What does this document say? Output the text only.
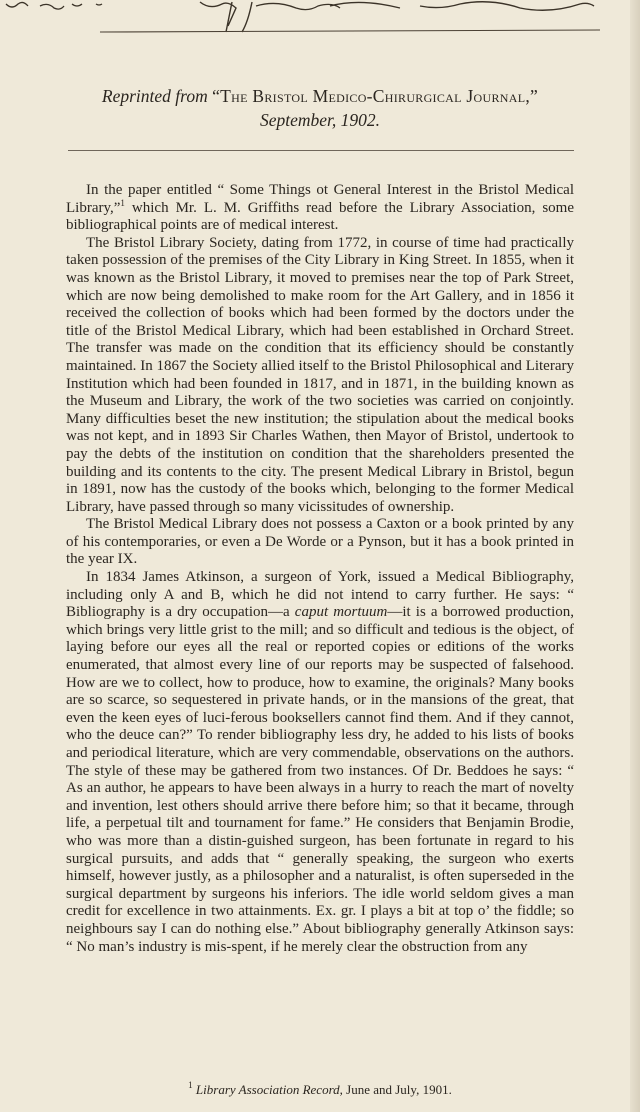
Reprinted from “The Bristol Medico-Chirurgical Journal,”
September, 1902.

In the paper entitled “ Some Things ot General Interest in the Bristol Medical Library,”$^1$ which Mr. L. M. Griffiths read before the Library Association, some bibliographical points are of medical interest.

The Bristol Library Society, dating from 1772, in course of time had practically taken possession of the premises of the City Library in King Street. In 1855, when it was known as the Bristol Library, it moved to premises near the top of Park Street, which are now being demolished to make room for the Art Gallery, and in 1856 it received the collection of books which had been formed by the doctors under the title of the Bristol Medical Library, which had been established in Orchard Street. The transfer was made on the condition that its efficiency should be constantly maintained. In 1867 the Society allied itself to the Bristol Philosophical and Literary Institution which had been founded in 1817, and in 1871, in the building known as the Museum and Library, the work of the two societies was carried on conjointly. Many difficulties beset the new institution; the stipulation about the medical books was not kept, and in 1893 Sir Charles Wathen, then Mayor of Bristol, undertook to pay the debts of the institution on condition that the shareholders presented the building and its contents to the city. The present Medical Library in Bristol, begun in 1891, now has the custody of the books which, belonging to the former Medical Library, have passed through so many vicissitudes of ownership.

The Bristol Medical Library does not possess a Caxton or a book printed by any of his contemporaries, or even a De Worde or a Pynson, but it has a book printed in the year IX.

In 1834 James Atkinson, a surgeon of York, issued a Medical Bibliography, including only A and B, which he did not intend to carry further. He says: “ Bibliography is a dry occupation—a caput mortuum—it is a borrowed production, which brings very little grist to the mill; and so difficult and tedious is the object, of laying before our eyes all the real or reported copies or editions of the works enumerated, that almost every line of our reports may be suspected of falsehood. How are we to collect, how to produce, how to examine, the originals? Many books are so scarce, so sequestered in private hands, or in the mansions of the great, that even the keen eyes of luci-ferous booksellers cannot find them. And if they cannot, who the deuce can?” To render bibliography less dry, he added to his lists of books and periodical literature, which are very commendable, observations on the authors. The style of these may be gathered from two instances. Of Dr. Beddoes he says: “ As an author, he appears to have been always in a hurry to reach the mart of novelty and invention, lest others should arrive there before him; so that it became, through life, a perpetual tilt and tournament for fame.” He considers that Benjamin Brodie, who was more than a distin-guished surgeon, has been fortunate in regard to his surgical pursuits, and adds that “ generally speaking, the surgeon who exerts himself, however justly, as a philosopher and a naturalist, is often superseded in the surgical department by surgeons his inferiors. The idle world seldom gives a man credit for excellence in two attainments. Ex. gr. I plays a bit at top o’ the fiddle; so neighbours say I can do nothing else.” About bibliography generally Atkinson says: “ No man’s industry is mis-spent, if he merely clear the obstruction from any

$^1$ Library Association Record, June and July, 1901.
